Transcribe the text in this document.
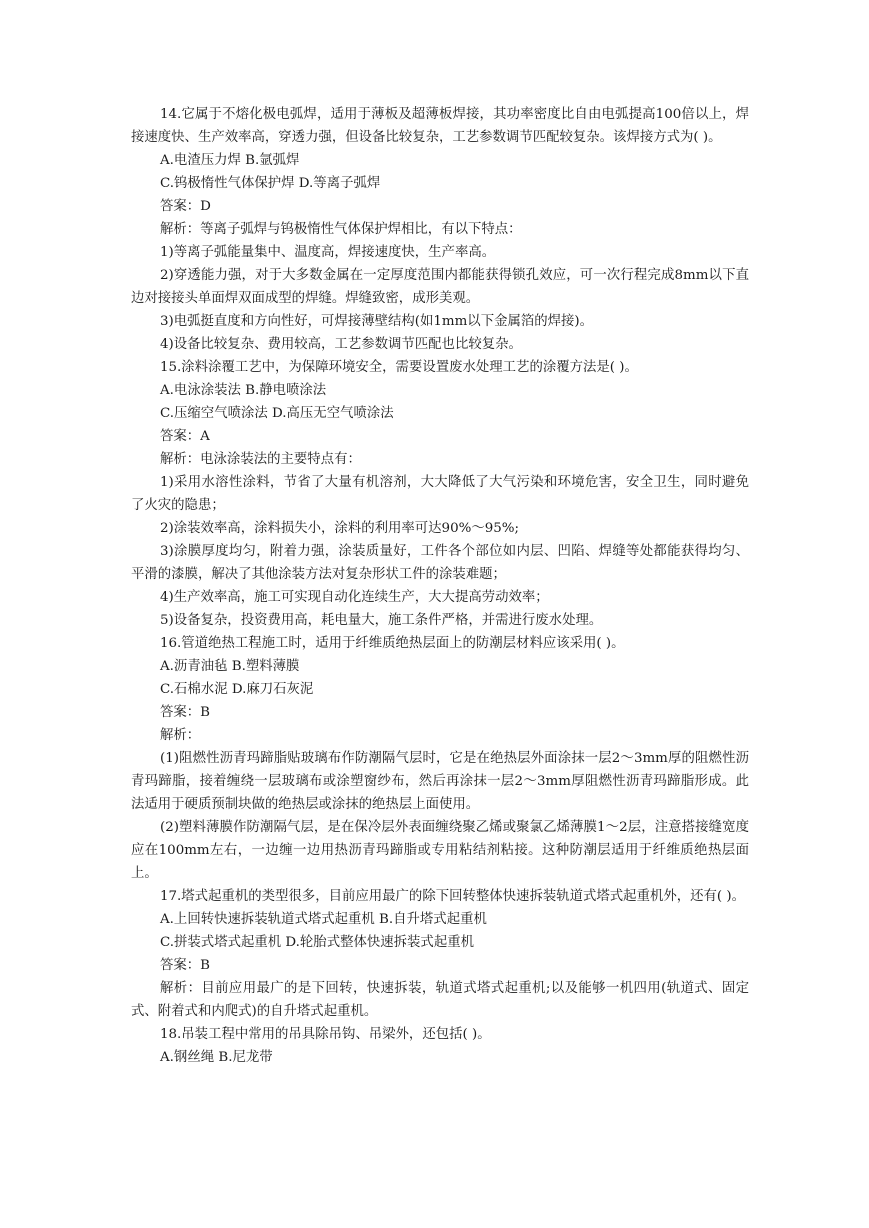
14.它属于不熔化极电弧焊，适用于薄板及超薄板焊接，其功率密度比自由电弧提高100倍以上，焊接速度快、生产效率高，穿透力强，但设备比较复杂，工艺参数调节匹配较复杂。该焊接方式为( )。

A.电渣压力焊 B.氩弧焊

C.钨极惰性气体保护焊 D.等离子弧焊

答案：D

解析：等离子弧焊与钨极惰性气体保护焊相比，有以下特点：

1)等离子弧能量集中、温度高，焊接速度快，生产率高。

2)穿透能力强，对于大多数金属在一定厚度范围内都能获得锁孔效应，可一次行程完成8mm以下直边对接接头单面焊双面成型的焊缝。焊缝致密，成形美观。

3)电弧挺直度和方向性好，可焊接薄壁结构(如1mm以下金属箔的焊接)。

4)设备比较复杂、费用较高，工艺参数调节匹配也比较复杂。

15.涂料涂覆工艺中，为保障环境安全，需要设置废水处理工艺的涂覆方法是( )。

A.电泳涂装法 B.静电喷涂法

C.压缩空气喷涂法 D.高压无空气喷涂法

答案：A

解析：电泳涂装法的主要特点有：

1)采用水溶性涂料，节省了大量有机溶剂，大大降低了大气污染和环境危害，安全卫生，同时避免了火灾的隐患；

2)涂装效率高，涂料损失小，涂料的利用率可达90%～95%;

3)涂膜厚度均匀，附着力强，涂装质量好，工件各个部位如内层、凹陷、焊缝等处都能获得均匀、平滑的漆膜，解决了其他涂装方法对复杂形状工件的涂装难题；

4)生产效率高，施工可实现自动化连续生产，大大提高劳动效率；

5)设备复杂，投资费用高，耗电量大，施工条件严格，并需进行废水处理。

16.管道绝热工程施工时，适用于纤维质绝热层面上的防潮层材料应该采用( )。

A.沥青油毡 B.塑料薄膜

C.石棉水泥 D.麻刀石灰泥

答案：B

解析：

(1)阻燃性沥青玛蹄脂贴玻璃布作防潮隔气层时，它是在绝热层外面涂抹一层2～3mm厚的阻燃性沥青玛蹄脂，接着缠绕一层玻璃布或涂塑窗纱布，然后再涂抹一层2～3mm厚阻燃性沥青玛蹄脂形成。此法适用于硬质预制块做的绝热层或涂抹的绝热层上面使用。

(2)塑料薄膜作防潮隔气层，是在保冷层外表面缠绕聚乙烯或聚氯乙烯薄膜1～2层，注意搭接缝宽度应在100mm左右，一边缠一边用热沥青玛蹄脂或专用粘结剂粘接。这种防潮层适用于纤维质绝热层面上。

17.塔式起重机的类型很多，目前应用最广的除下回转整体快速拆装轨道式塔式起重机外，还有( )。

A.上回转快速拆装轨道式塔式起重机 B.自升塔式起重机

C.拼装式塔式起重机 D.轮胎式整体快速拆装式起重机

答案：B

解析：目前应用最广的是下回转，快速拆装，轨道式塔式起重机;以及能够一机四用(轨道式、固定式、附着式和内爬式)的自升塔式起重机。

18.吊装工程中常用的吊具除吊钩、吊梁外，还包括( )。

A.钢丝绳 B.尼龙带
